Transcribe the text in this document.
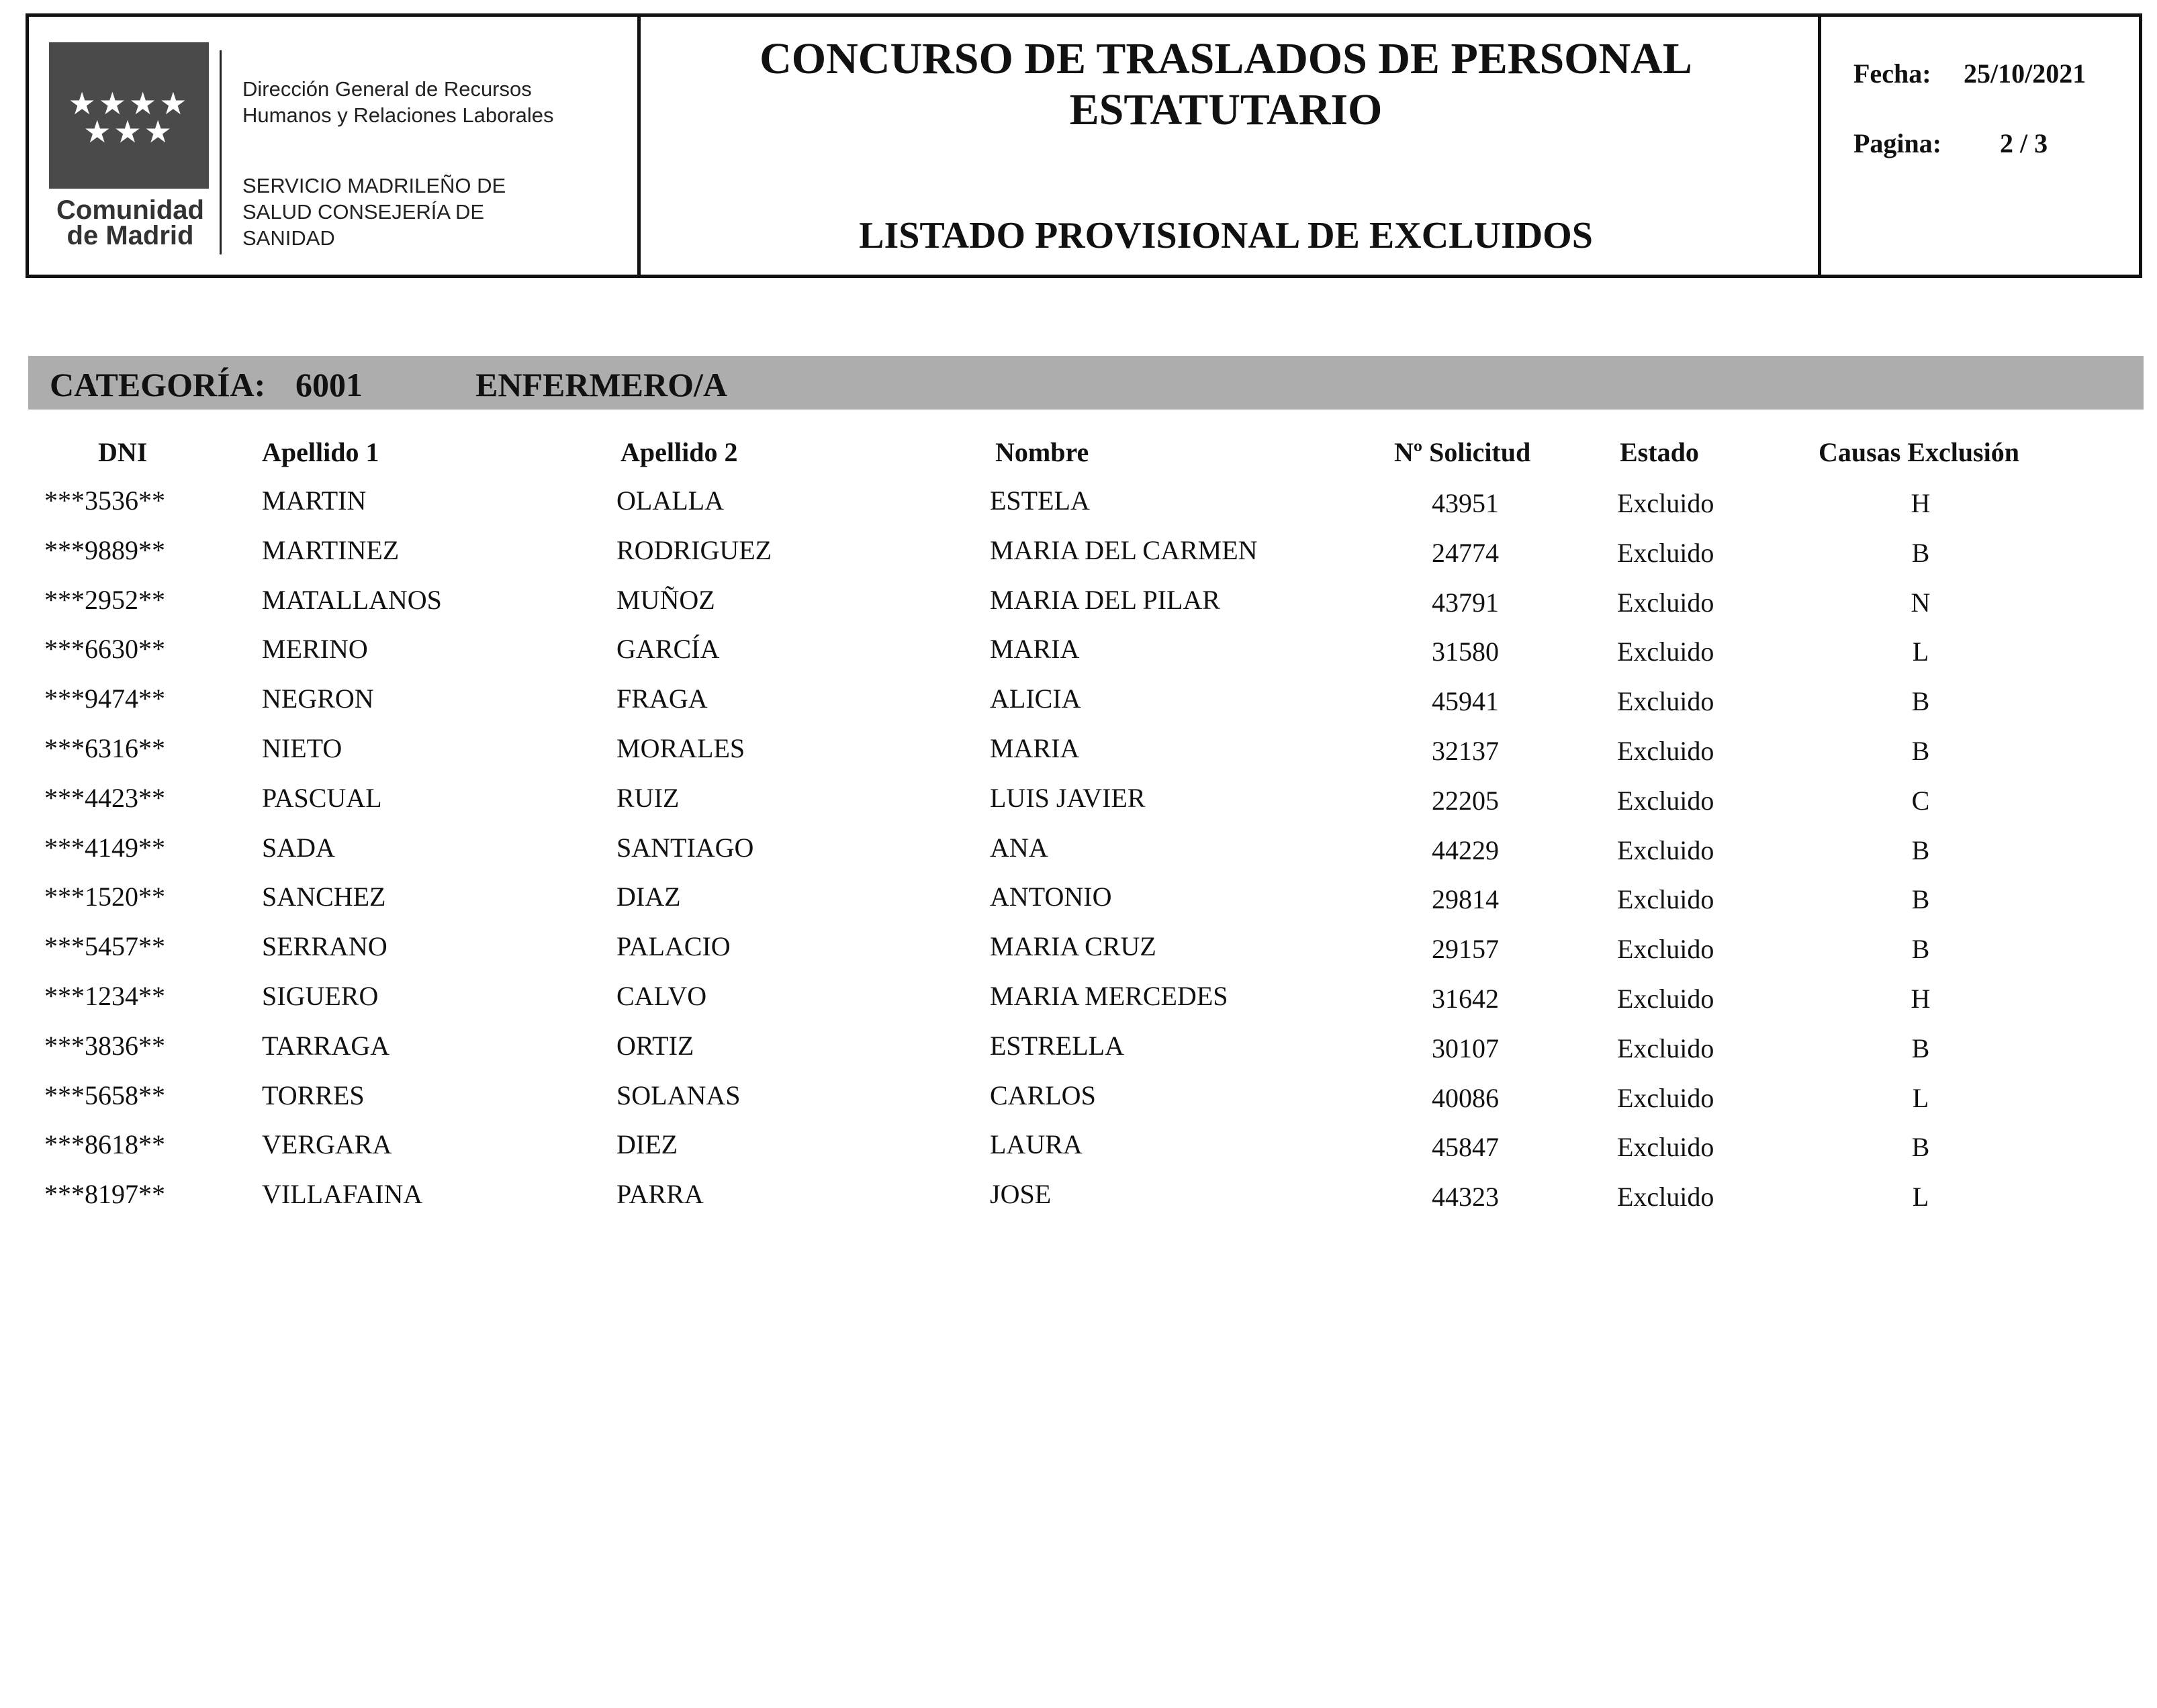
★★★★
★★★
Comunidad
de Madrid
Dirección General de Recursos
Humanos y Relaciones Laborales
SERVICIO MADRILEÑO DE
SALUD CONSEJERÍA DE
SANIDAD
CONCURSO DE TRASLADOS DE PERSONAL
ESTATUTARIO
LISTADO PROVISIONAL DE EXCLUIDOS
Fecha: 25/10/2021
Pagina: 2 / 3
CATEGORÍA: 6001	ENFERMERO/A
DNI	Apellido 1	Apellido 2	Nombre	Nº Solicitud	Estado	Causas Exclusión
***3536**	MARTIN	OLALLA	ESTELA	43951	Excluido	H
***9889**	MARTINEZ	RODRIGUEZ	MARIA DEL CARMEN	24774	Excluido	B
***2952**	MATALLANOS	MUÑOZ	MARIA DEL PILAR	43791	Excluido	N
***6630**	MERINO	GARCÍA	MARIA	31580	Excluido	L
***9474**	NEGRON	FRAGA	ALICIA	45941	Excluido	B
***6316**	NIETO	MORALES	MARIA	32137	Excluido	B
***4423**	PASCUAL	RUIZ	LUIS JAVIER	22205	Excluido	C
***4149**	SADA	SANTIAGO	ANA	44229	Excluido	B
***1520**	SANCHEZ	DIAZ	ANTONIO	29814	Excluido	B
***5457**	SERRANO	PALACIO	MARIA CRUZ	29157	Excluido	B
***1234**	SIGUERO	CALVO	MARIA MERCEDES	31642	Excluido	H
***3836**	TARRAGA	ORTIZ	ESTRELLA	30107	Excluido	B
***5658**	TORRES	SOLANAS	CARLOS	40086	Excluido	L
***8618**	VERGARA	DIEZ	LAURA	45847	Excluido	B
***8197**	VILLAFAINA	PARRA	JOSE	44323	Excluido	L
